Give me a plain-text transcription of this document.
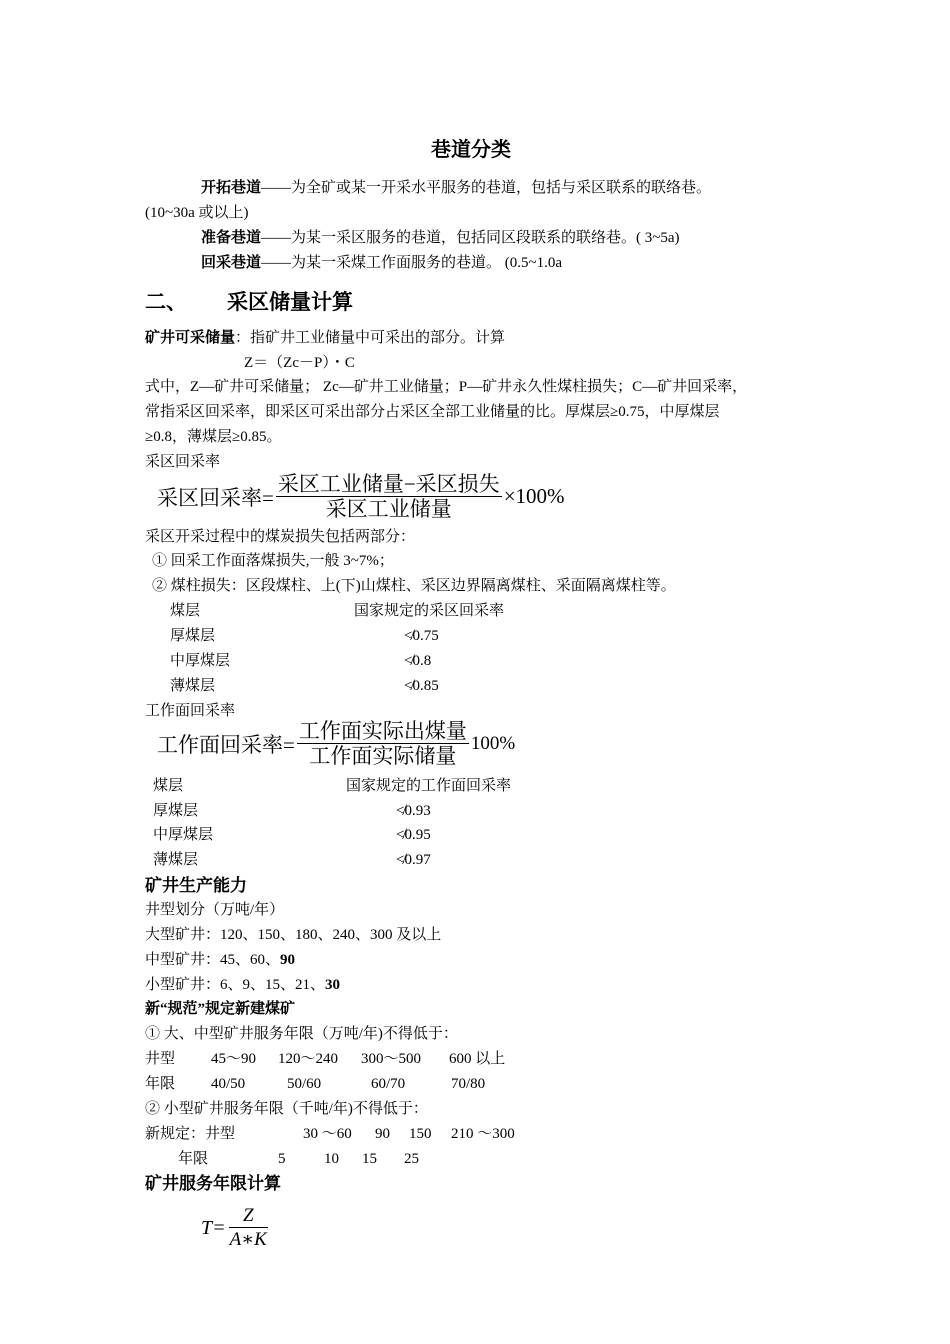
巷道分类
开拓巷道——为全矿或某一开采水平服务的巷道，包括与采区联系的联络巷。
(10~30a 或以上)
准备巷道——为某一采区服务的巷道，包括同区段联系的联络巷。( 3~5a)
回采巷道——为某一采煤工作面服务的巷道。 (0.5~1.0a
二、 采区储量计算
矿井可采储量：指矿井工业储量中可采出的部分。计算
Z＝（Zc－P）・C
式中，Z—矿井可采储量； Zc—矿井工业储量；P—矿井永久性煤柱损失；C—矿井回采率，
常指采区回采率，即采区可采出部分占采区全部工业储量的比。厚煤层≥0.75，中厚煤层
≥0.8，薄煤层≥0.85。
采区回采率
采区回采率= $\frac{\text{采区工业储量−采区损失}}{\text{采区工业储量}} \times 100\%$
采区开采过程中的煤炭损失包括两部分：
① 回采工作面落煤损失,一般 3~7%；
② 煤柱损失：区段煤柱、上(下)山煤柱、采区边界隔离煤柱、采面隔离煤柱等。
煤层	国家规定的采区回采率
厚煤层	≮0.75
中厚煤层	≮0.8
薄煤层	≮0.85
工作面回采率
工作面回采率= $\frac{\text{工作面实际出煤量}}{\text{工作面实际储量}} 100\%$
煤层	国家规定的工作面回采率
厚煤层	≮0.93
中厚煤层	≮0.95
薄煤层	≮0.97
矿井生产能力
井型划分（万吨/年）
大型矿井：120、150、180、240、300 及以上
中型矿井：45、60、90
小型矿井：6、9、15、21、30
新“规范”规定新建煤矿
① 大、中型矿井服务年限（万吨/年)不得低于：
井型 45～90 120～240 300～500 600 以上
年限 40/50	50/60	60/70	70/80
② 小型矿井服务年限（千吨/年)不得低于：
新规定：井型	30 ～60 90 150 210 ～300
年限	5	10 15 25
矿井服务年限计算
$T= \frac{Z}{A∗K}$
